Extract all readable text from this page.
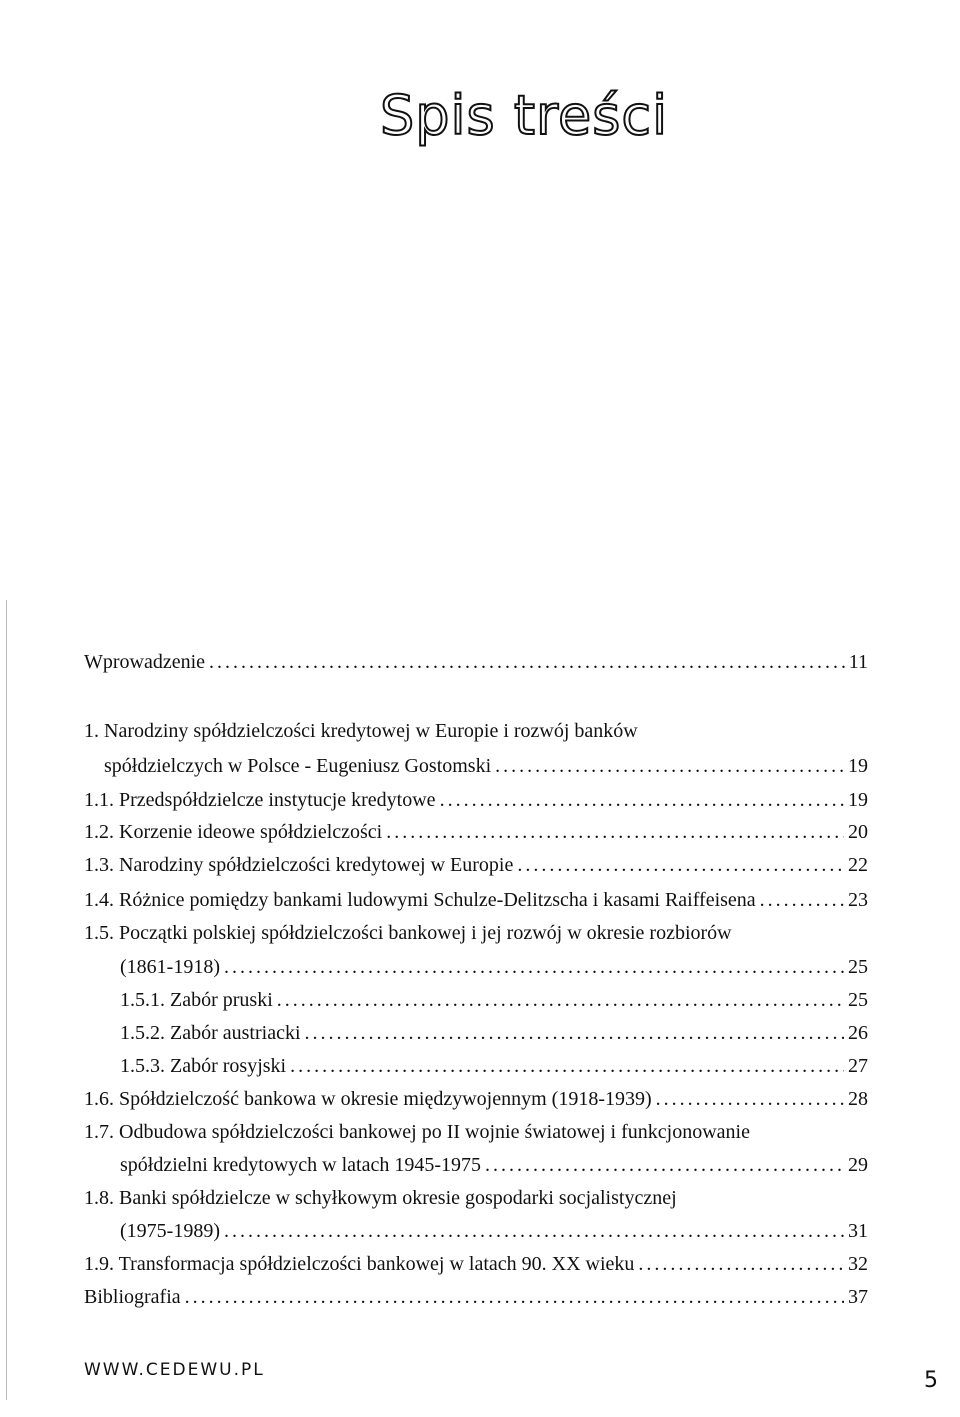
Spis treści
Wprowadzenie .....	11
1. Narodziny spółdzielczości kredytowej w Europie i rozwój banków
spółdzielczych w Polsce - Eugeniusz Gostomski .....	19
1.1. Przedspółdzielcze instytucje kredytowe .....	19
1.2. Korzenie ideowe spółdzielczości .....	20
1.3. Narodziny spółdzielczości kredytowej w Europie .....	22
1.4. Różnice pomiędzy bankami ludowymi Schulze-Delitzscha i kasami Raiffeisena .....	23
1.5. Początki polskiej spółdzielczości bankowej i jej rozwój w okresie rozbiorów
(1861-1918) .....	25
1.5.1. Zabór pruski .....	25
1.5.2. Zabór austriacki .....	26
1.5.3. Zabór rosyjski .....	27
1.6. Spółdzielczość bankowa w okresie międzywojennym (1918-1939) .....	28
1.7. Odbudowa spółdzielczości bankowej po II wojnie światowej i funkcjonowanie
spółdzielni kredytowych w latach 1945-1975 .....	29
1.8. Banki spółdzielcze w schyłkowym okresie gospodarki socjalistycznej
(1975-1989) .....	31
1.9. Transformacja spółdzielczości bankowej w latach 90. XX wieku .....	32
Bibliografia .....	37
WWW.CEDEWU.PL	5
